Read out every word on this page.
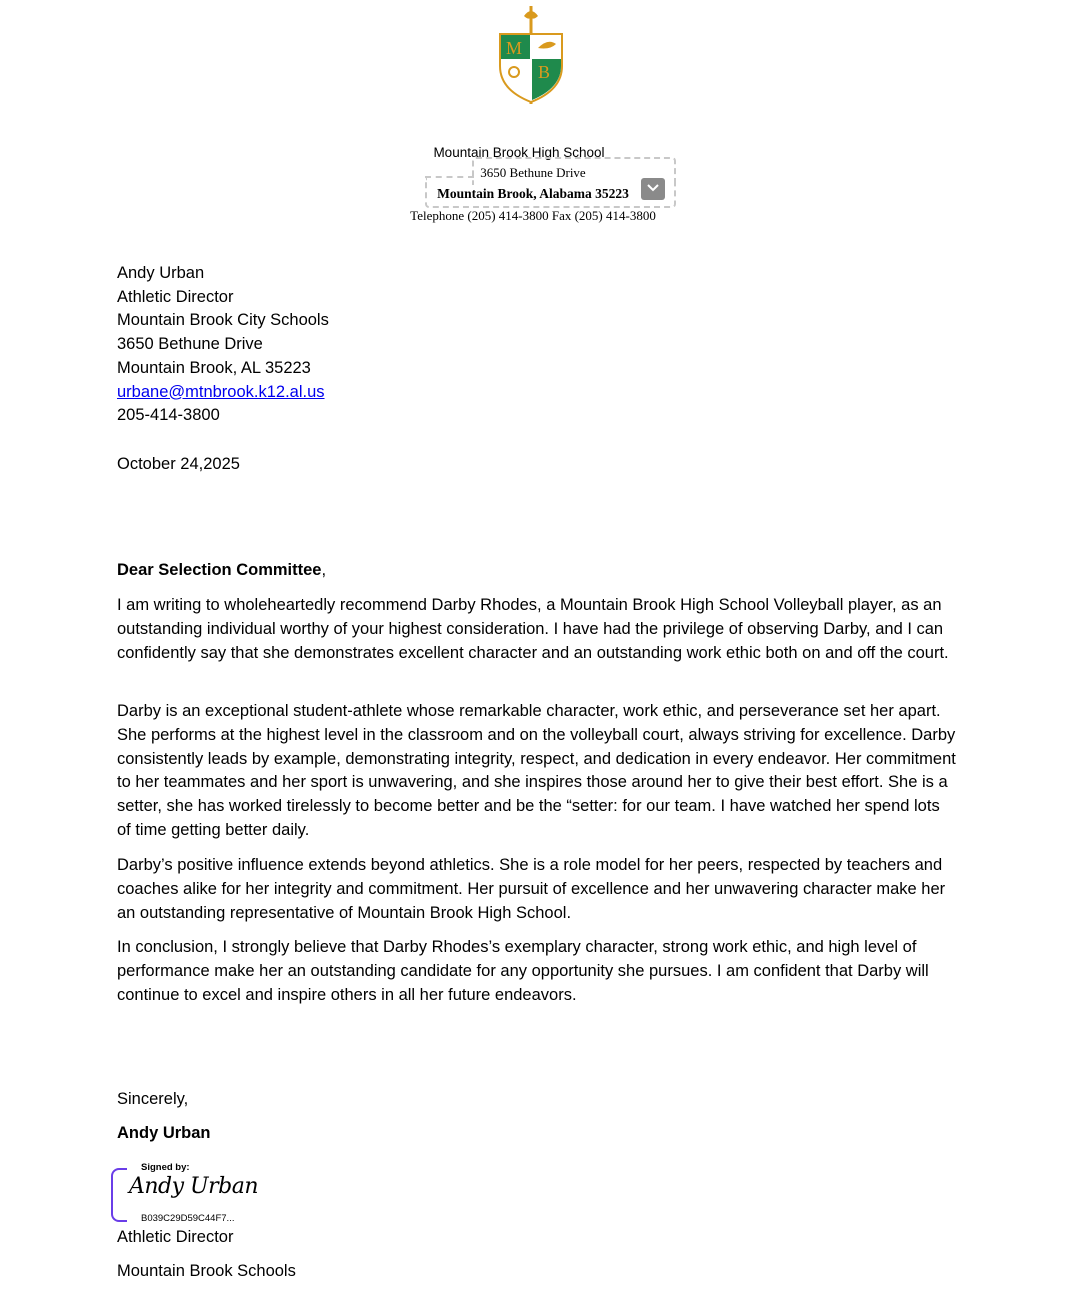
M
B
Mountain Brook High School
3650 Bethune Drive
Mountain Brook, Alabama 35223
Telephone (205) 414-3800 Fax (205) 414-3800
Andy Urban
Athletic Director
Mountain Brook City Schools
3650 Bethune Drive
Mountain Brook, AL 35223
urbane@mtnbrook.k12.al.us
205-414-3800
October 24,2025
Dear Selection Committee,
I am writing to wholeheartedly recommend Darby Rhodes, a Mountain Brook High School Volleyball player, as an outstanding individual worthy of your highest consideration. I have had the privilege of observing Darby, and I can confidently say that she demonstrates excellent character and an outstanding work ethic both on and off the court.
Darby is an exceptional student-athlete whose remarkable character, work ethic, and perseverance set her apart. She performs at the highest level in the classroom and on the volleyball court, always striving for excellence. Darby consistently leads by example, demonstrating integrity, respect, and dedication in every endeavor. Her commitment to her teammates and her sport is unwavering, and she inspires those around her to give their best effort. She is a setter, she has worked tirelessly to become better and be the “setter: for our team. I have watched her spend lots of time getting better daily.
Darby’s positive influence extends beyond athletics. She is a role model for her peers, respected by teachers and coaches alike for her integrity and commitment. Her pursuit of excellence and her unwavering character make her an outstanding representative of Mountain Brook High School.
In conclusion, I strongly believe that Darby Rhodes’s exemplary character, strong work ethic, and high level of performance make her an outstanding candidate for any opportunity she pursues. I am confident that Darby will continue to excel and inspire others in all her future endeavors.
Sincerely,
Andy Urban
Signed by:
Andy Urban
B039C29D59C44F7...
Athletic Director
Mountain Brook Schools
